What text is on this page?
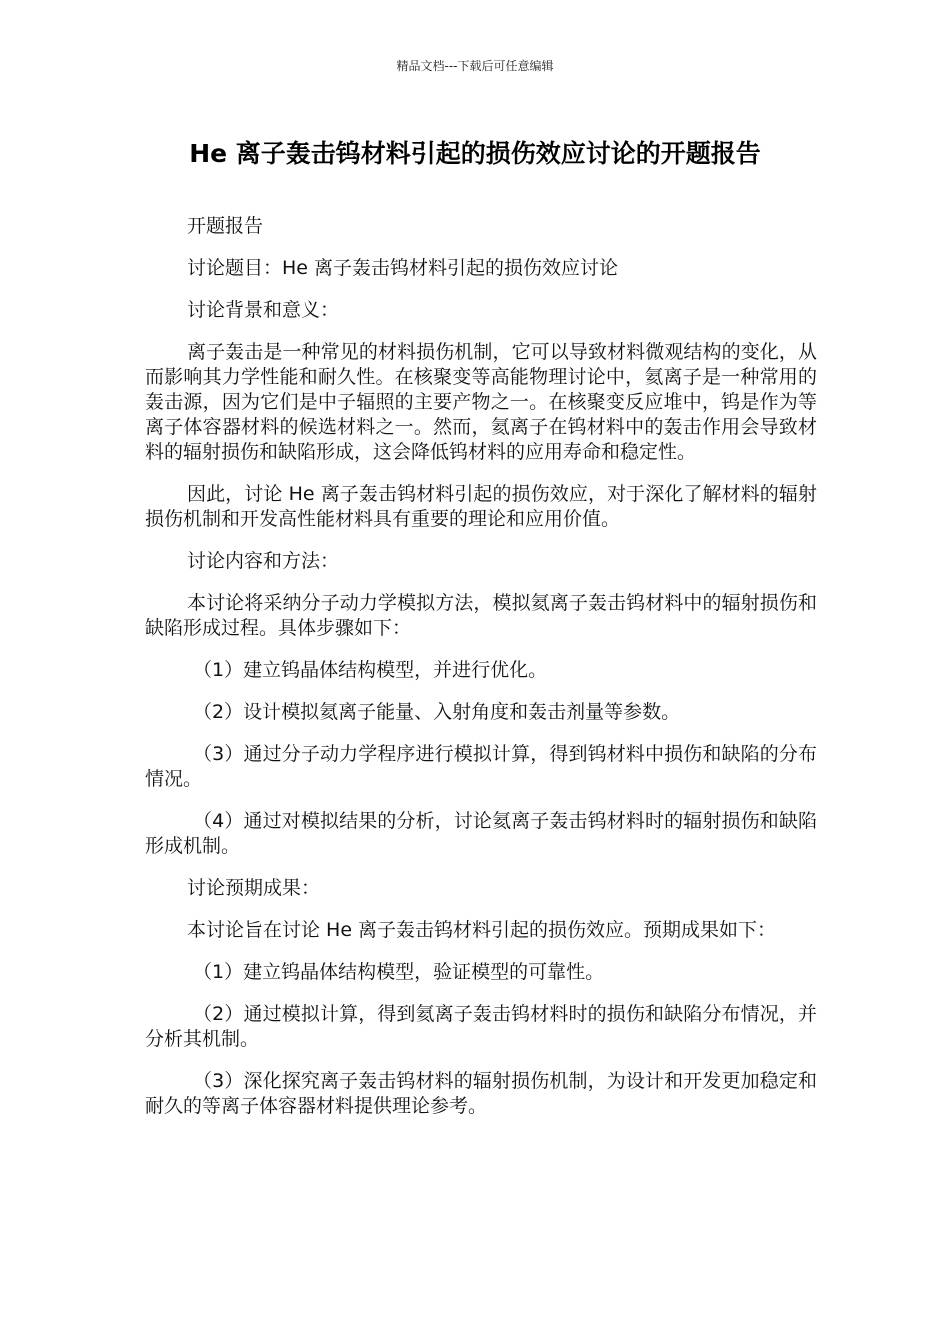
精品文档---下载后可任意编辑
He 离子轰击钨材料引起的损伤效应讨论的开题报告

开题报告

讨论题目：He 离子轰击钨材料引起的损伤效应讨论

讨论背景和意义：

离子轰击是一种常见的材料损伤机制，它可以导致材料微观结构的变化，从而影响其力学性能和耐久性。在核聚变等高能物理讨论中，氦离子是一种常用的轰击源，因为它们是中子辐照的主要产物之一。在核聚变反应堆中，钨是作为等离子体容器材料的候选材料之一。然而，氦离子在钨材料中的轰击作用会导致材料的辐射损伤和缺陷形成，这会降低钨材料的应用寿命和稳定性。

因此，讨论 He 离子轰击钨材料引起的损伤效应，对于深化了解材料的辐射损伤机制和开发高性能材料具有重要的理论和应用价值。

讨论内容和方法：

本讨论将采纳分子动力学模拟方法，模拟氦离子轰击钨材料中的辐射损伤和缺陷形成过程。具体步骤如下：

（1）建立钨晶体结构模型，并进行优化。

（2）设计模拟氦离子能量、入射角度和轰击剂量等参数。

（3）通过分子动力学程序进行模拟计算，得到钨材料中损伤和缺陷的分布情况。

（4）通过对模拟结果的分析，讨论氦离子轰击钨材料时的辐射损伤和缺陷形成机制。

讨论预期成果：

本讨论旨在讨论 He 离子轰击钨材料引起的损伤效应。预期成果如下：

（1）建立钨晶体结构模型，验证模型的可靠性。

（2）通过模拟计算，得到氦离子轰击钨材料时的损伤和缺陷分布情况，并分析其机制。

（3）深化探究离子轰击钨材料的辐射损伤机制，为设计和开发更加稳定和耐久的等离子体容器材料提供理论参考。
